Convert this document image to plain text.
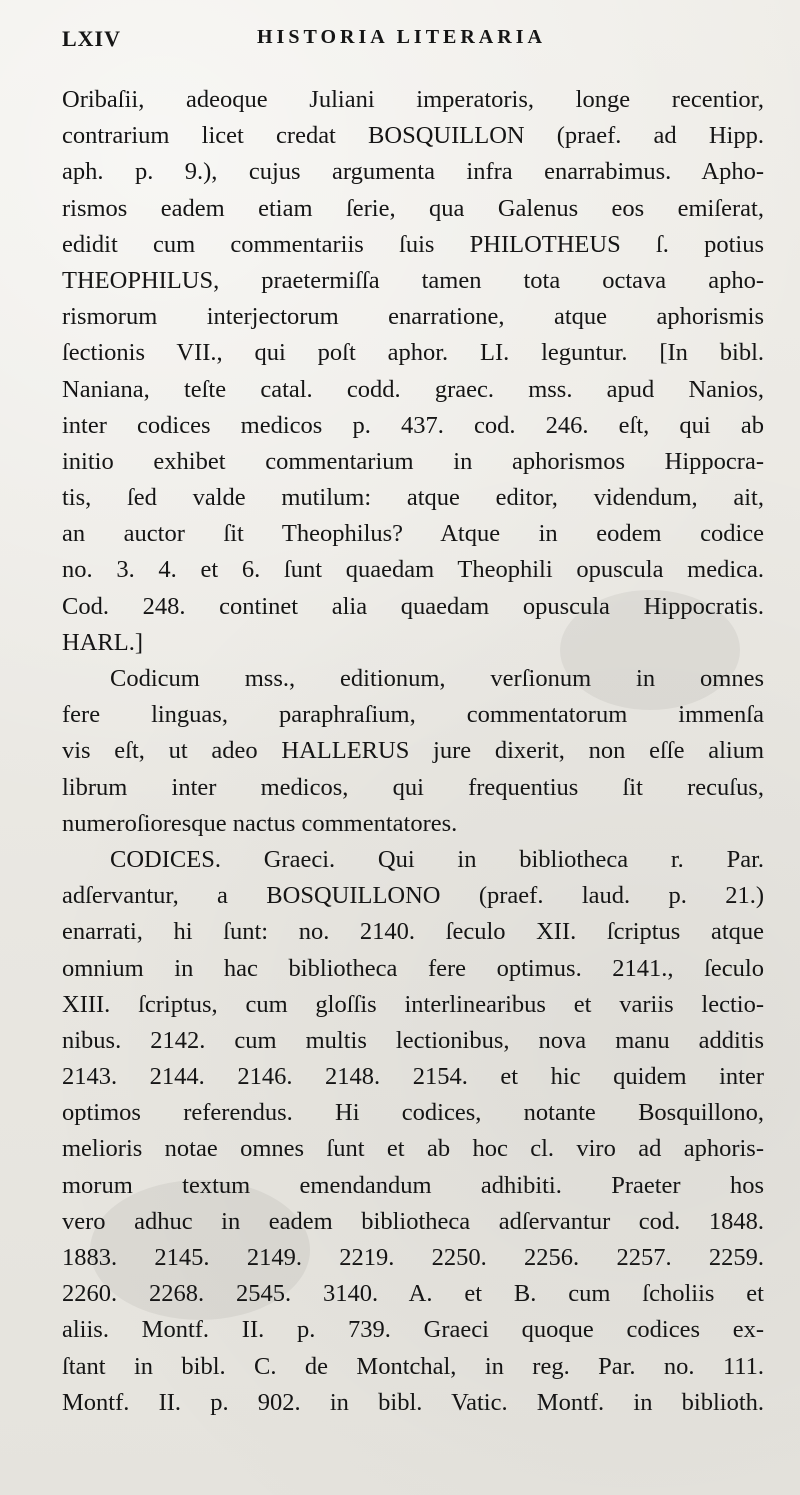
LXIV	HISTORIA LITERARIA
Oribaſii, adeoque Juliani imperatoris, longe recentior,
contrarium licet credat BOSQUILLON (praef. ad Hipp.
aph. p. 9.), cujus argumenta infra enarrabimus. Apho-
rismos eadem etiam ſerie, qua Galenus eos emiſerat,
edidit cum commentariis ſuis PHILOTHEUS ſ. potius
THEOPHILUS, praetermiſſa tamen tota octava apho-
rismorum interjectorum enarratione, atque aphorismis
ſectionis VII., qui poſt aphor. LI. leguntur. [In bibl.
Naniana, teſte catal. codd. graec. mss. apud Nanios,
inter codices medicos p. 437. cod. 246. eſt, qui ab
initio exhibet commentarium in aphorismos Hippocra-
tis, ſed valde mutilum: atque editor, videndum, ait,
an auctor ſit Theophilus? Atque in eodem codice
no. 3. 4. et 6. ſunt quaedam Theophili opuscula medica.
Cod. 248. continet alia quaedam opuscula Hippocratis.
HARL.]
Codicum mss., editionum, verſionum in omnes
fere linguas, paraphraſium, commentatorum immenſa
vis eſt, ut adeo HALLERUS jure dixerit, non eſſe alium
librum inter medicos, qui frequentius ſit recuſus,
numeroſioresque nactus commentatores.
CODICES. Graeci. Qui in bibliotheca r. Par.
adſervantur, a BOSQUILLONO (praef. laud. p. 21.)
enarrati, hi ſunt: no. 2140. ſeculo XII. ſcriptus atque
omnium in hac bibliotheca fere optimus. 2141., ſeculo
XIII. ſcriptus, cum gloſſis interlinearibus et variis lectio-
nibus. 2142. cum multis lectionibus, nova manu additis
2143. 2144. 2146. 2148. 2154. et hic quidem inter
optimos referendus. Hi codices, notante Bosquillono,
melioris notae omnes ſunt et ab hoc cl. viro ad aphoris-
morum textum emendandum adhibiti. Praeter hos
vero adhuc in eadem bibliotheca adſervantur cod. 1848.
1883. 2145. 2149. 2219. 2250. 2256. 2257. 2259.
2260. 2268. 2545. 3140. A. et B. cum ſcholiis et
aliis. Montf. II. p. 739. Graeci quoque codices ex-
ſtant in bibl. C. de Montchal, in reg. Par. no. 111.
Montf. II. p. 902. in bibl. Vatic. Montf. in biblioth.
